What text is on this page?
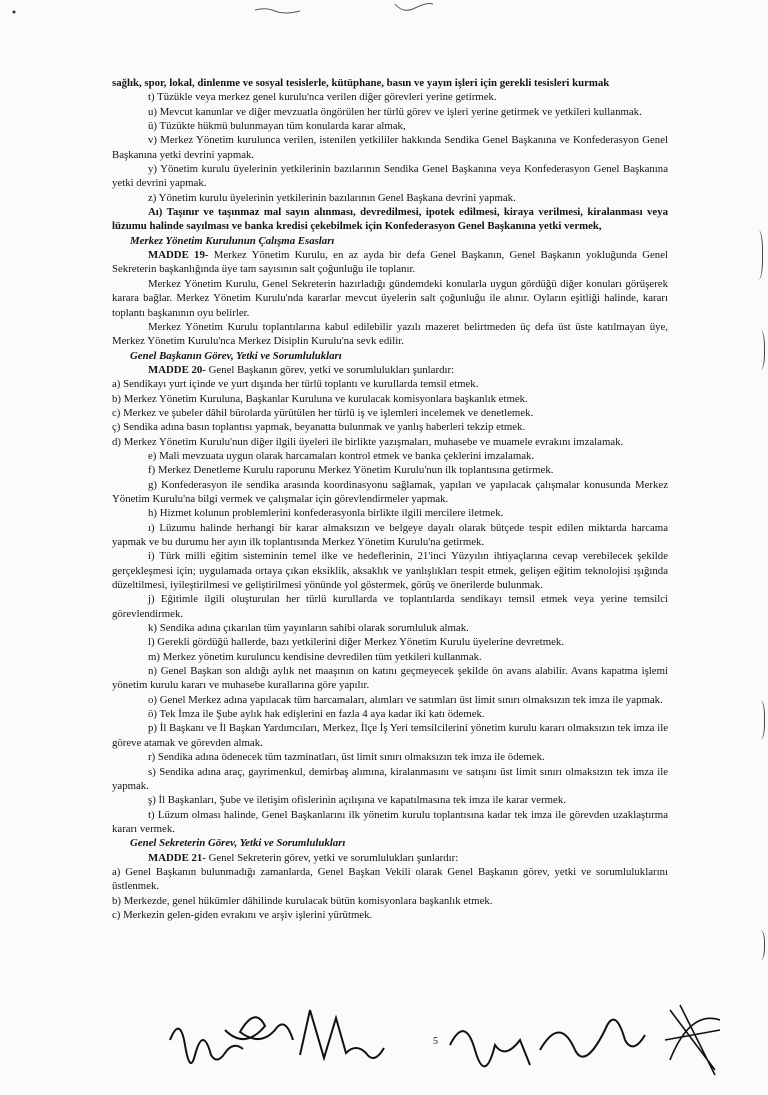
sağlık, spor, lokal, dinlenme ve sosyal tesislerle, kütüphane, basın ve yayın işleri için gerekli tesisleri kurmak

t) Tüzükle veya merkez genel kurulu'nca verilen diğer görevleri yerine getirmek.

u) Mevcut kanunlar ve diğer mevzuatla öngörülen her türlü görev ve işleri yerine getirmek ve yetkileri kullanmak.

ü) Tüzükte hükmü bulunmayan tüm konularda karar almak,

v) Merkez Yönetim kurulunca verilen, istenilen yetkililer hakkında Sendika Genel Başkanına ve Konfederasyon Genel Başkanına yetki devrini yapmak.

y) Yönetim kurulu üyelerinin yetkilerinin bazılarının Sendika Genel Başkanına veya Konfederasyon Genel Başkanına yetki devrini yapmak.

z) Yönetim kurulu üyelerinin yetkilerinin bazılarının Genel Başkana devrini yapmak.

Aı) Taşınır ve taşınmaz mal sayın alınması, devredilmesi, ipotek edilmesi, kiraya verilmesi, kiralanması veya lüzumu halinde sayılması ve banka kredisi çekebilmek için Konfederasyon Genel Başkanına yetki vermek,

Merkez Yönetim Kurulunun Çalışma Esasları

MADDE 19- Merkez Yönetim Kurulu, en az ayda bir defa Genel Başkanın, Genel Başkanın yokluğunda Genel Sekreterin başkanlığında üye tam sayısının salt çoğunluğu ile toplanır.

Merkez Yönetim Kurulu, Genel Sekreterin hazırladığı gündemdeki konularla uygun gördüğü diğer konuları görüşerek karara bağlar. Merkez Yönetim Kurulu'nda kararlar mevcut üyelerin salt çoğunluğu ile alınır. Oyların eşitliği halinde, kararı toplantı başkanının oyu belirler.

Merkez Yönetim Kurulu toplantılarına kabul edilebilir yazılı mazeret belirtmeden üç defa üst üste katılmayan üye, Merkez Yönetim Kurulu'nca Merkez Disiplin Kurulu'na sevk edilir.

Genel Başkanın Görev, Yetki ve Sorumlulukları

MADDE 20- Genel Başkanın görev, yetki ve sorumlulukları şunlardır:

a) Sendikayı yurt içinde ve yurt dışında her türlü toplantı ve kurullarda temsil etmek.

b) Merkez Yönetim Kuruluna, Başkanlar Kuruluna ve kurulacak komisyonlara başkanlık etmek.

c) Merkez ve şubeler dâhil bürolarda yürütülen her türlü iş ve işlemleri incelemek ve denetlemek.

ç) Sendika adına basın toplantısı yapmak, beyanatta bulunmak ve yanlış haberleri tekzip etmek.

d) Merkez Yönetim Kurulu'nun diğer ilgili üyeleri ile birlikte yazışmaları, muhasebe ve muamele evrakını imzalamak.

e) Mali mevzuata uygun olarak harcamaları kontrol etmek ve banka çeklerini imzalamak.

f) Merkez Denetleme Kurulu raporunu Merkez Yönetim Kurulu'nun ilk toplantısına getirmek.

g) Konfederasyon ile sendika arasında koordinasyonu sağlamak, yapılan ve yapılacak çalışmalar konusunda Merkez Yönetim Kurulu'na bilgi vermek ve çalışmalar için görevlendirmeler yapmak.

h) Hizmet kolunun problemlerini konfederasyonla birlikte ilgili mercilere iletmek.

ı) Lüzumu halinde herhangi bir karar almaksızın ve belgeye dayalı olarak bütçede tespit edilen miktarda harcama yapmak ve bu durumu her ayın ilk toplantısında Merkez Yönetim Kurulu'na getirmek.

i) Türk milli eğitim sisteminin temel ilke ve hedeflerinin, 21'inci Yüzyılın ihtiyaçlarına cevap verebilecek şekilde gerçekleşmesi için; uygulamada ortaya çıkan eksiklik, aksaklık ve yanlışlıkları tespit etmek, gelişen eğitim teknolojisi ışığında düzeltilmesi, iyileştirilmesi ve geliştirilmesi yönünde yol göstermek, görüş ve önerilerde bulunmak.

j) Eğitimle ilgili oluşturulan her türlü kurullarda ve toplantılarda sendikayı temsil etmek veya yerine temsilci görevlendirmek.

k) Sendika adına çıkarılan tüm yayınların sahibi olarak sorumluluk almak.

l) Gerekli gördüğü hallerde, bazı yetkilerini diğer Merkez Yönetim Kurulu üyelerine devretmek.

m) Merkez yönetim kuruluncu kendisine devredilen tüm yetkileri kullanmak.

n) Genel Başkan son aldığı aylık net maaşının on katını geçmeyecek şekilde ön avans alabilir. Avans kapatma işlemi yönetim kurulu kararı ve muhasebe kurallarına göre yapılır.

o) Genel Merkez adına yapılacak tüm harcamaları, alımları ve satımları üst limit sınırı olmaksızın tek imza ile yapmak.

ö) Tek İmza ile Şube aylık hak edişlerini en fazla 4 aya kadar iki katı ödemek.

p) İl Başkanı ve İl Başkan Yardımcıları, Merkez, İlçe İş Yeri temsilcilerini yönetim kurulu kararı olmaksızın tek imza ile göreve atamak ve görevden almak.

r) Sendika adına ödenecek tüm tazminatları, üst limit sınırı olmaksızın tek imza ile ödemek.

s) Sendika adına araç, gayrimenkul, demirbaş alımına, kiralanmasını ve satışını üst limit sınırı olmaksızın tek imza ile yapmak.

ş) İl Başkanları, Şube ve iletişim ofislerinin açılışına ve kapatılmasına tek imza ile karar vermek.

t) Lüzum olması halinde, Genel Başkanlarını ilk yönetim kurulu toplantısına kadar tek imza ile görevden uzaklaştırma kararı vermek.

Genel Sekreterin Görev, Yetki ve Sorumlulukları

MADDE 21- Genel Sekreterin görev, yetki ve sorumlulukları şunlardır:

a) Genel Başkanın bulunmadığı zamanlarda, Genel Başkan Vekili olarak Genel Başkanın görev, yetki ve sorumluluklarını üstlenmek.

b) Merkezde, genel hükümler dâhilinde kurulacak bütün komisyonlara başkanlık etmek.

c) Merkezin gelen-giden evrakını ve arşiv işlerini yürütmek.

5
